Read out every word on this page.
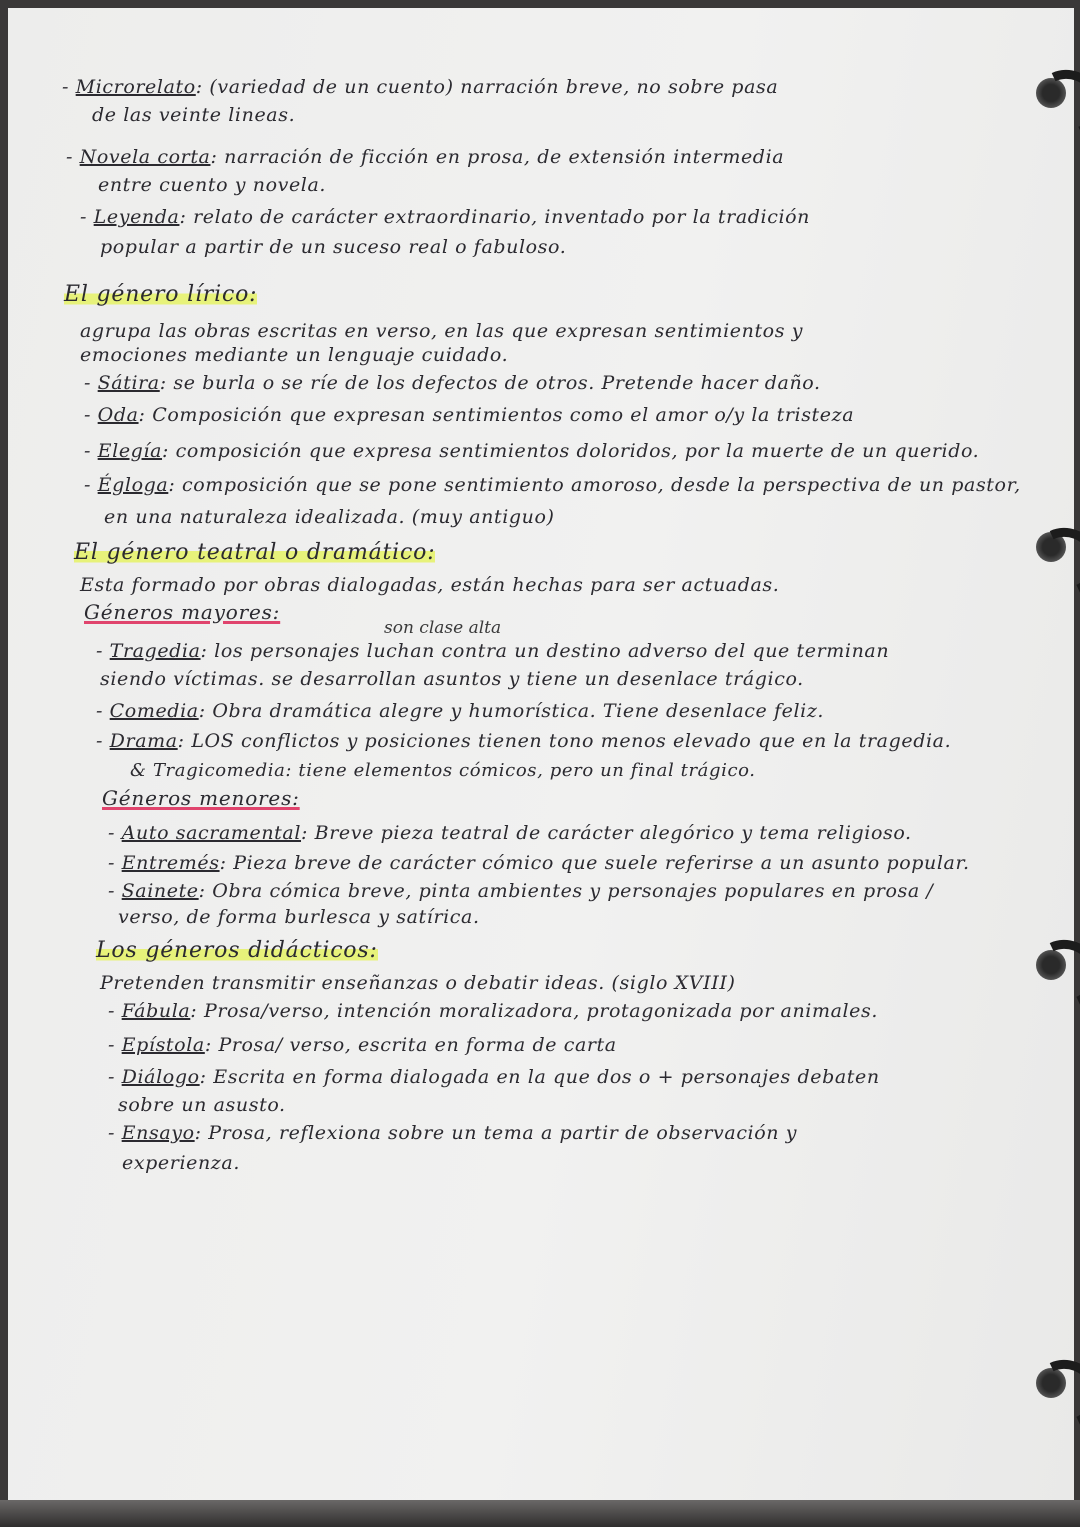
- Microrelato: (variedad de un cuento) narración breve, no sobre pasa
de las veinte lineas.
- Novela corta: narración de ficción en prosa, de extensión intermedia
entre cuento y novela.
- Leyenda: relato de carácter extraordinario, inventado por la tradición
popular a partir de un suceso real o fabuloso.
El género lírico:
agrupa las obras escritas en verso, en las que expresan sentimientos y
emociones mediante un lenguaje cuidado.
- Sátira: se burla o se ríe de los defectos de otros. Pretende hacer daño.
- Oda: Composición que expresan sentimientos como el amor o/y la tristeza
- Elegía: composición que expresa sentimientos doloridos, por la muerte de un querido.
- Égloga: composición que se pone sentimiento amoroso, desde la perspectiva de un pastor,
en una naturaleza idealizada. (muy antiguo)
El género teatral o dramático:
Esta formado por obras dialogadas, están hechas para ser actuadas.
Géneros mayores:
son clase alta
- Tragedia: los personajes luchan contra un destino adverso del que terminan
siendo víctimas. se desarrollan asuntos y tiene un desenlace trágico.
- Comedia: Obra dramática alegre y humorística. Tiene desenlace feliz.
- Drama: LOS conflictos y posiciones tienen tono menos elevado que en la tragedia.
& Tragicomedia: tiene elementos cómicos, pero un final trágico.
Géneros menores:
- Auto sacramental: Breve pieza teatral de carácter alegórico y tema religioso.
- Entremés: Pieza breve de carácter cómico que suele referirse a un asunto popular.
- Sainete: Obra cómica breve, pinta ambientes y personajes populares en prosa /
verso, de forma burlesca y satírica.
Los géneros didácticos:
Pretenden transmitir enseñanzas o debatir ideas. (siglo XVIII)
- Fábula: Prosa/verso, intención moralizadora, protagonizada por animales.
- Epístola: Prosa/ verso, escrita en forma de carta
- Diálogo: Escrita en forma dialogada en la que dos o + personajes debaten
sobre un asusto.
- Ensayo: Prosa, reflexiona sobre un tema a partir de observación y
experienza.
